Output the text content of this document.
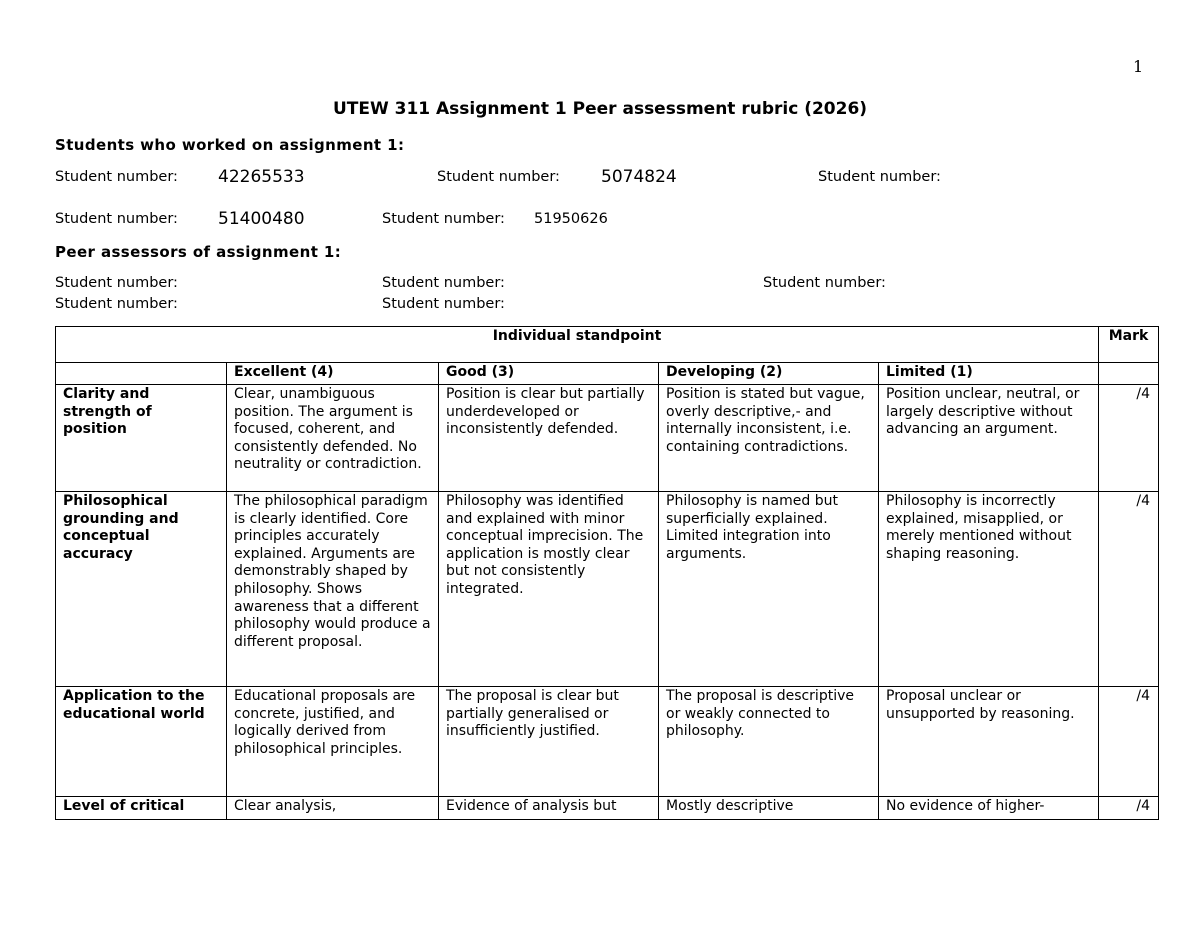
1
UTEW 311 Assignment 1 Peer assessment rubric (2026)
Students who worked on assignment 1:
Student number: 42265533	Student number: 5074824	Student number:
Student number: 51400480	Student number: 51950626
Peer assessors of assignment 1:
Student number:	Student number:	Student number:
Student number:	Student number:
Individual standpoint					Mark
	Excellent (4)	Good (3)	Developing (2)	Limited (1)	
Clarity and strength of position	Clear, unambiguous position. The argument is focused, coherent, and consistently defended. No neutrality or contradiction.	Position is clear but partially underdeveloped or inconsistently defended.	Position is stated but vague, overly descriptive,- and internally inconsistent, i.e. containing contradictions.	Position unclear, neutral, or largely descriptive without advancing an argument.	/4
Philosophical grounding and conceptual accuracy	The philosophical paradigm is clearly identified. Core principles accurately explained. Arguments are demonstrably shaped by philosophy. Shows awareness that a different philosophy would produce a different proposal.	Philosophy was identified and explained with minor conceptual imprecision. The application is mostly clear but not consistently integrated.	Philosophy is named but superficially explained. Limited integration into arguments.	Philosophy is incorrectly explained, misapplied, or merely mentioned without shaping reasoning.	/4
Application to the educational world	Educational proposals are concrete, justified, and logically derived from philosophical principles.	The proposal is clear but partially generalised or insufficiently justified.	The proposal is descriptive or weakly connected to philosophy.	Proposal unclear or unsupported by reasoning.	/4
Level of critical	Clear analysis,	Evidence of analysis but	Mostly descriptive	No evidence of higher-	/4
